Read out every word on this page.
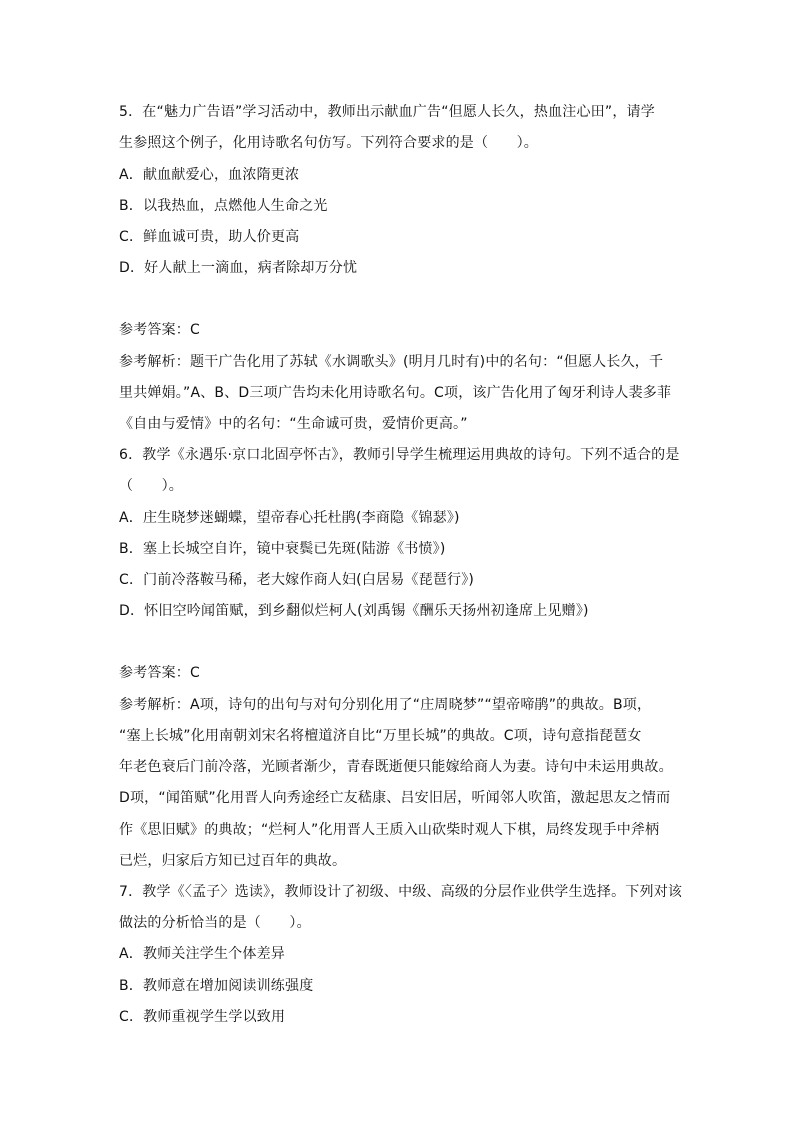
5．在“魅力广告语”学习活动中，教师出示献血广告“但愿人长久，热血注心田”，请学
生参照这个例子，化用诗歌名句仿写。下列符合要求的是（　　）。
A．献血献爱心，血浓隋更浓
B．以我热血，点燃他人生命之光
C．鲜血诚可贵，助人价更高
D．好人献上一滴血，病者除却万分忧
参考答案：C
参考解析：题干广告化用了苏轼《水调歌头》(明月几时有)中的名句：“但愿人长久，千
里共婵娟。”A、B、D三项广告均未化用诗歌名句。C项，该广告化用了匈牙利诗人裴多菲
《自由与爱情》中的名句：“生命诚可贵，爱情价更高。”
6．教学《永遇乐·京口北固亭怀古》，教师引导学生梳理运用典故的诗句。下列不适合的是
（　　）。
A．庄生晓梦迷蝴蝶，望帝春心托杜鹃(李商隐《锦瑟》)
B．塞上长城空自许，镜中衰鬓已先斑(陆游《书愤》)
C．门前冷落鞍马稀，老大嫁作商人妇(白居易《琵琶行》)
D．怀旧空吟闻笛赋，到乡翻似烂柯人(刘禹锡《酬乐天扬州初逢席上见赠》)
参考答案：C
参考解析：A项，诗句的出句与对句分别化用了“庄周晓梦”“望帝啼鹃”的典故。B项，
“塞上长城”化用南朝刘宋名将檀道济自比“万里长城”的典故。C项，诗句意指琵琶女
年老色衰后门前冷落，光顾者渐少，青春既逝便只能嫁给商人为妻。诗句中未运用典故。
D项，“闻笛赋”化用晋人向秀途经亡友嵇康、吕安旧居，听闻邻人吹笛，激起思友之情而
作《思旧赋》的典故；“烂柯人”化用晋人王质入山砍柴时观人下棋，局终发现手中斧柄
已烂，归家后方知已过百年的典故。
7．教学《〈孟子〉选读》，教师设计了初级、中级、高级的分层作业供学生选择。下列对该
做法的分析恰当的是（　　）。
A．教师关注学生个体差异
B．教师意在增加阅读训练强度
C．教师重视学生学以致用
